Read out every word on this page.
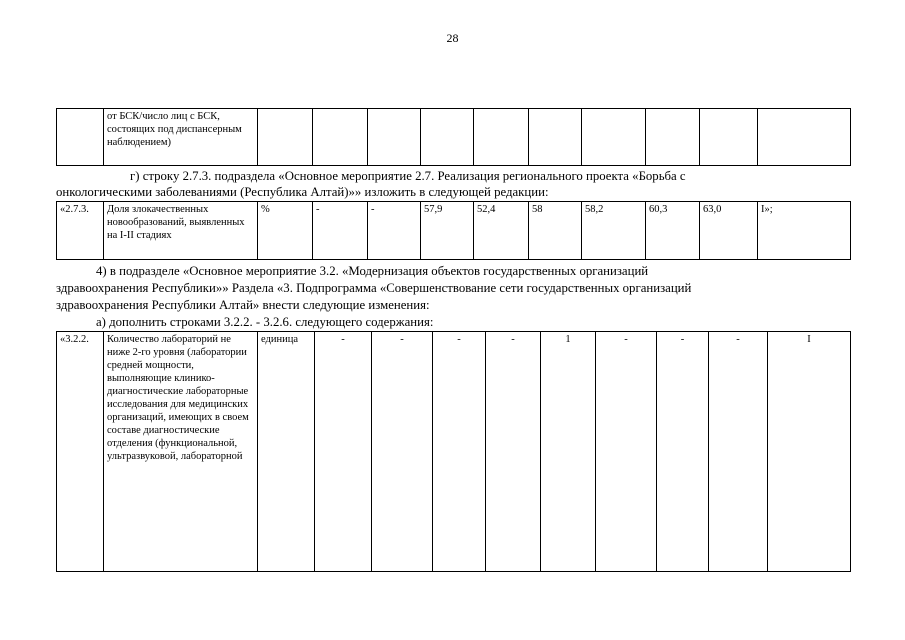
28
	от БСК/число лиц с БСК, состоящих под диспансерным наблюдением)										
г) строку 2.7.3. подраздела «Основное мероприятие 2.7. Реализация регионального проекта «Борьба с
онкологическими заболеваниями (Республика Алтай)»» изложить в следующей редакции:
«2.7.3.	Доля злокачественных новообразований, выявленных на I-II стадиях	%	-	-	57,9	52,4	58	58,2	60,3	63,0	I»;
4) в подразделе «Основное мероприятие 3.2. «Модернизация объектов государственных организаций
здравоохранения Республики»» Раздела «3. Подпрограмма «Совершенствование сети государственных организаций
здравоохранения Республики Алтай» внести следующие изменения:
а) дополнить строками 3.2.2. - 3.2.6. следующего содержания:
«3.2.2.	Количество лабораторий не ниже 2-го уровня (лаборатории средней мощности, выполняющие клинико-диагностические лабораторные исследования для медицинских организаций, имеющих в своем составе диагностические отделения (функциональной, ультразвуковой, лабораторной	единица	-	-	-	-	1	-	-	-	I
